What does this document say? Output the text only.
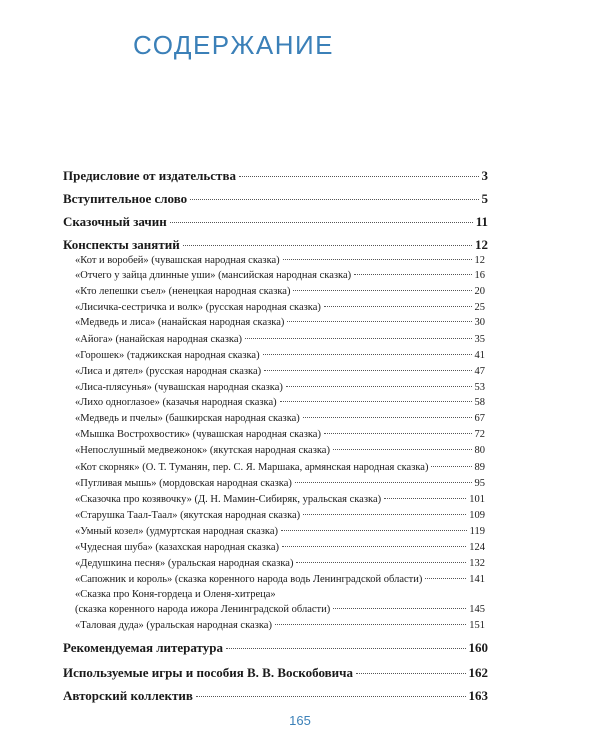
СОДЕРЖАНИЕ
Предисловие от издательства	3
Вступительное слово	5
Сказочный зачин	11
Конспекты занятий	12
«Кот и воробей» (чувашская народная сказка)	12
«Отчего у зайца длинные уши» (мансийская народная сказка)	16
«Кто лепешки съел» (ненецкая народная сказка)	20
«Лисичка-сестричка и волк» (русская народная сказка)	25
«Медведь и лиса» (нанайская народная сказка)	30
«Айога» (нанайская народная сказка)	35
«Горошек» (таджикская народная сказка)	41
«Лиса и дятел» (русская народная сказка)	47
«Лиса-плясунья» (чувашская народная сказка)	53
«Лихо одноглазое» (казачья народная сказка)	58
«Медведь и пчелы» (башкирская народная сказка)	67
«Мышка Вострохвостик» (чувашская народная сказка)	72
«Непослушный медвежонок» (якутская народная сказка)	80
«Кот скорняк» (О. Т. Туманян, пер. С. Я. Маршака, армянская народная сказка)	89
«Пугливая мышь» (мордовская народная сказка)	95
«Сказочка про козявочку» (Д. Н. Мамин-Сибиряк, уральская сказка)	101
«Старушка Таал-Таал» (якутская народная сказка)	109
«Умный козел» (удмуртская народная сказка)	119
«Чудесная шуба» (казахская народная сказка)	124
«Дедушкина песня» (уральская народная сказка)	132
«Сапожник и король» (сказка коренного народа водь Ленинградской области)	141
«Сказка про Коня-гордеца и Оленя-хитреца»
(сказка коренного народа ижора Ленинградской области)	145
«Таловая дуда» (уральская народная сказка)	151
Рекомендуемая литература	160
Используемые игры и пособия В. В. Воскобовича	162
Авторский коллектив	163
165
